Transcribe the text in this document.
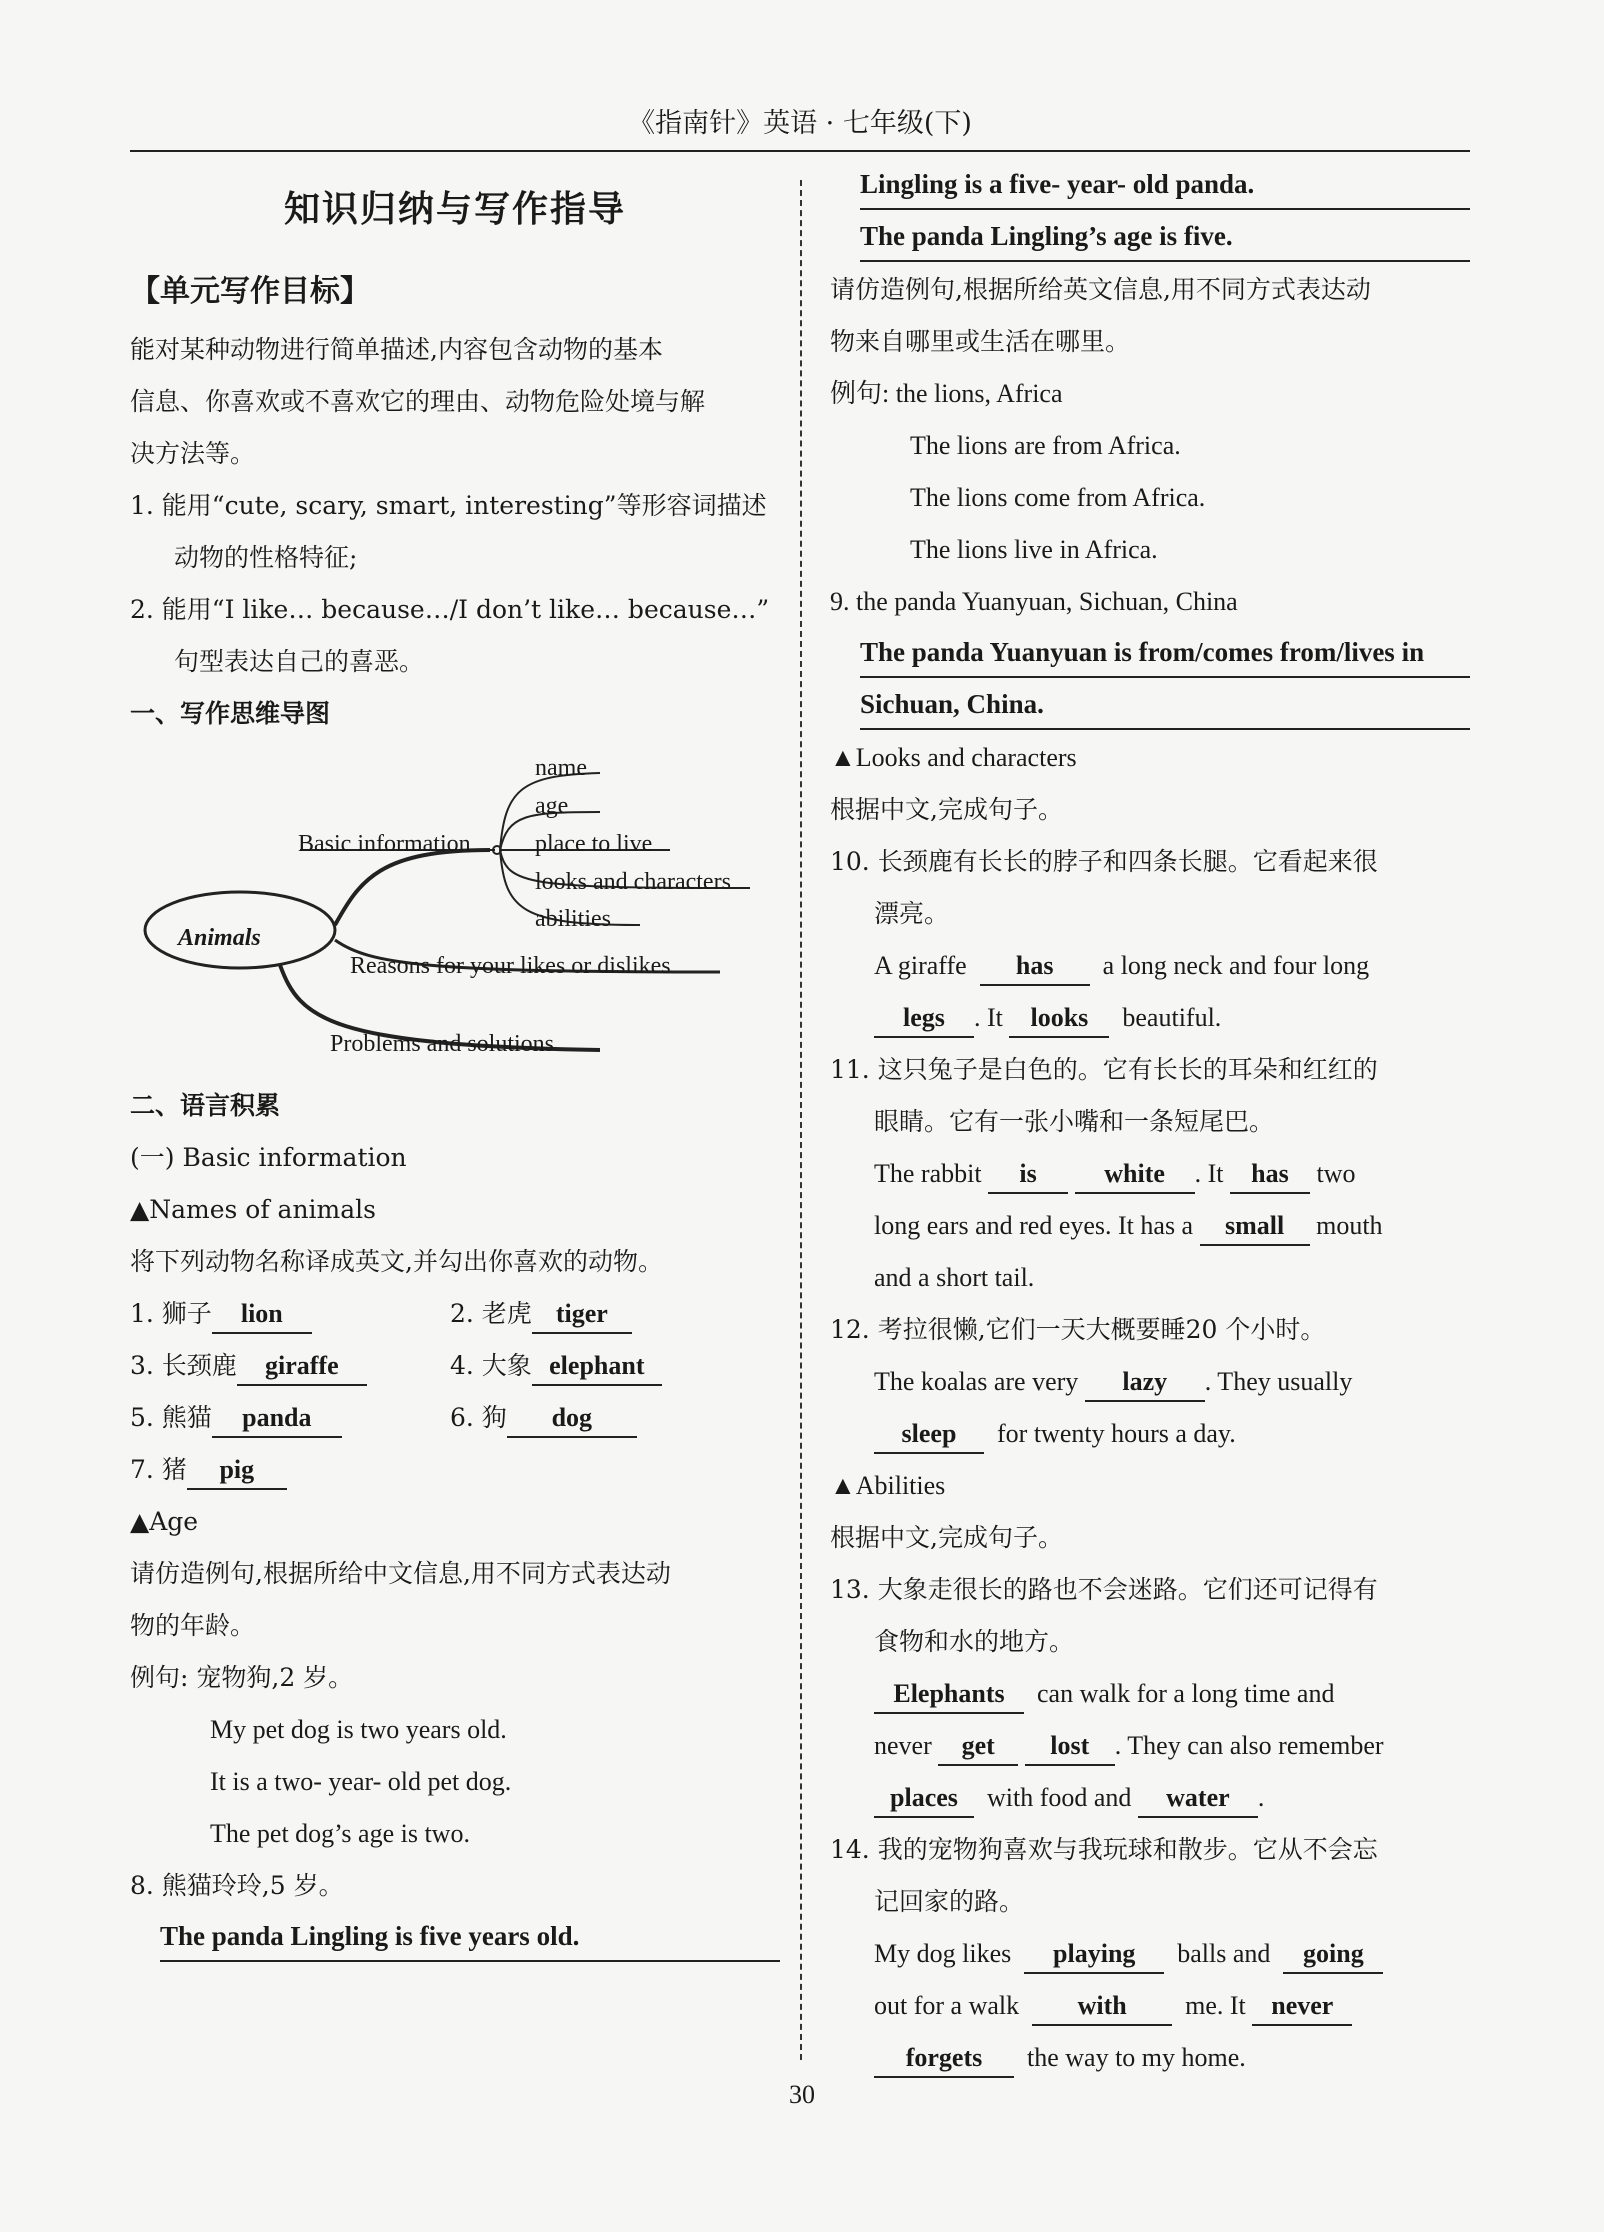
《指南针》英语 · 七年级(下)
知识归纳与写作指导
【单元写作目标】
能对某种动物进行简单描述,内容包含动物的基本
信息、你喜欢或不喜欢它的理由、动物危险处境与解
决方法等。
1. 能用“cute, scary, smart, interesting”等形容词描述
动物的性格特征;
2. 能用“I like… because…/I don’t like… because…”
句型表达自己的喜恶。
一、写作思维导图
Animals
Basic information
name
age
place to live
looks and characters
abilities
Reasons for your likes or dislikes
Problems and solutions
二、语言积累
(一) Basic information
▲Names of animals
将下列动物名称译成英文,并勾出你喜欢的动物。
1. 狮子 lion	2. 老虎 tiger
3. 长颈鹿 giraffe	4. 大象 elephant
5. 熊猫 panda	6. 狗 dog
7. 猪 pig
▲Age
请仿造例句,根据所给中文信息,用不同方式表达动
物的年龄。
例句: 宠物狗,2 岁。
My pet dog is two years old.
It is a two- year- old pet dog.
The pet dog’s age is two.
8. 熊猫玲玲,5 岁。
The panda Lingling is five years old.
Lingling is a five- year- old panda.
The panda Lingling’s age is five.
请仿造例句,根据所给英文信息,用不同方式表达动
物来自哪里或生活在哪里。
例句: the lions, Africa
The lions are from Africa.
The lions come from Africa.
The lions live in Africa.
9. the panda Yuanyuan, Sichuan, China
The panda Yuanyuan is from/comes from/lives in
Sichuan, China.
▲Looks and characters
根据中文,完成句子。
10. 长颈鹿有长长的脖子和四条长腿。它看起来很
漂亮。
A giraffe has a long neck and four long
legs . It looks beautiful.
11. 这只兔子是白色的。它有长长的耳朵和红红的
眼睛。它有一张小嘴和一条短尾巴。
The rabbit is	white . It has two
long ears and red eyes. It has a small mouth
and a short tail.
12. 考拉很懒,它们一天大概要睡20 个小时。
The koalas are very lazy . They usually
sleep for twenty hours a day.
▲Abilities
根据中文,完成句子。
13. 大象走很长的路也不会迷路。它们还可记得有
食物和水的地方。
Elephants can walk for a long time and
never get lost . They can also remember
places with food and water .
14. 我的宠物狗喜欢与我玩球和散步。它从不会忘
记回家的路。
My dog likes playing balls and going
out for a walk with me. It never
forgets the way to my home.
30
